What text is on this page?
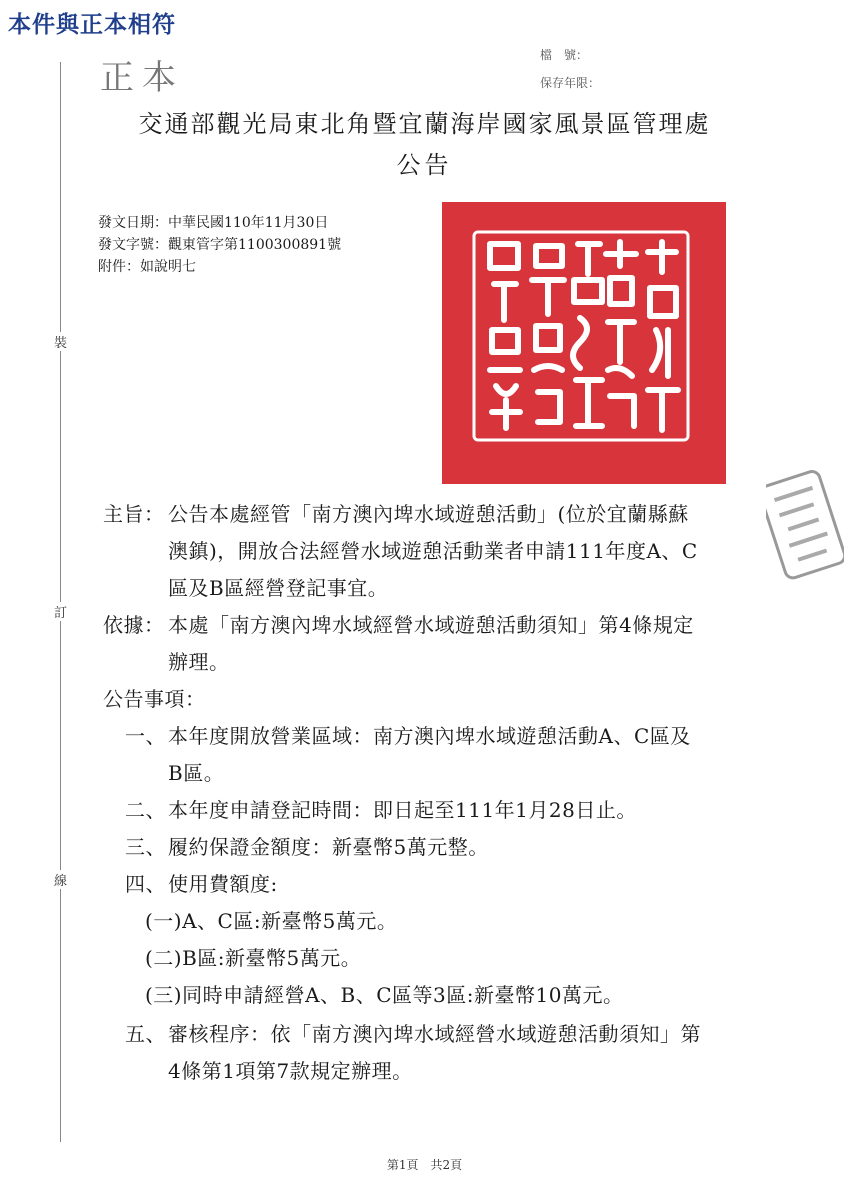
本件與正本相符
正本
檔　號：
保存年限：
交通部觀光局東北角暨宜蘭海岸國家風景區管理處
公告
發文日期：中華民國110年11月30日
發文字號：觀東管字第1100300891號
附件：如說明七
裝
訂
線
主旨： 公告本處經管「南方澳內埤水域遊憩活動」(位於宜蘭縣蘇
澳鎮)，開放合法經營水域遊憩活動業者申請111年度A、C
區及B區經營登記事宜。
依據： 本處「南方澳內埤水域經營水域遊憩活動須知」第4條規定
辦理。
公告事項：
一、 本年度開放營業區域：南方澳內埤水域遊憩活動A、C區及
B區。
二、 本年度申請登記時間：即日起至111年1月28日止。
三、 履約保證金額度：新臺幣5萬元整。
四、 使用費額度:
(一)A、C區:新臺幣5萬元。
(二)B區:新臺幣5萬元。
(三)同時申請經營A、B、C區等3區:新臺幣10萬元。
五、 審核程序：依「南方澳內埤水域經營水域遊憩活動須知」第
4條第1項第7款規定辦理。
第1頁　共2頁
